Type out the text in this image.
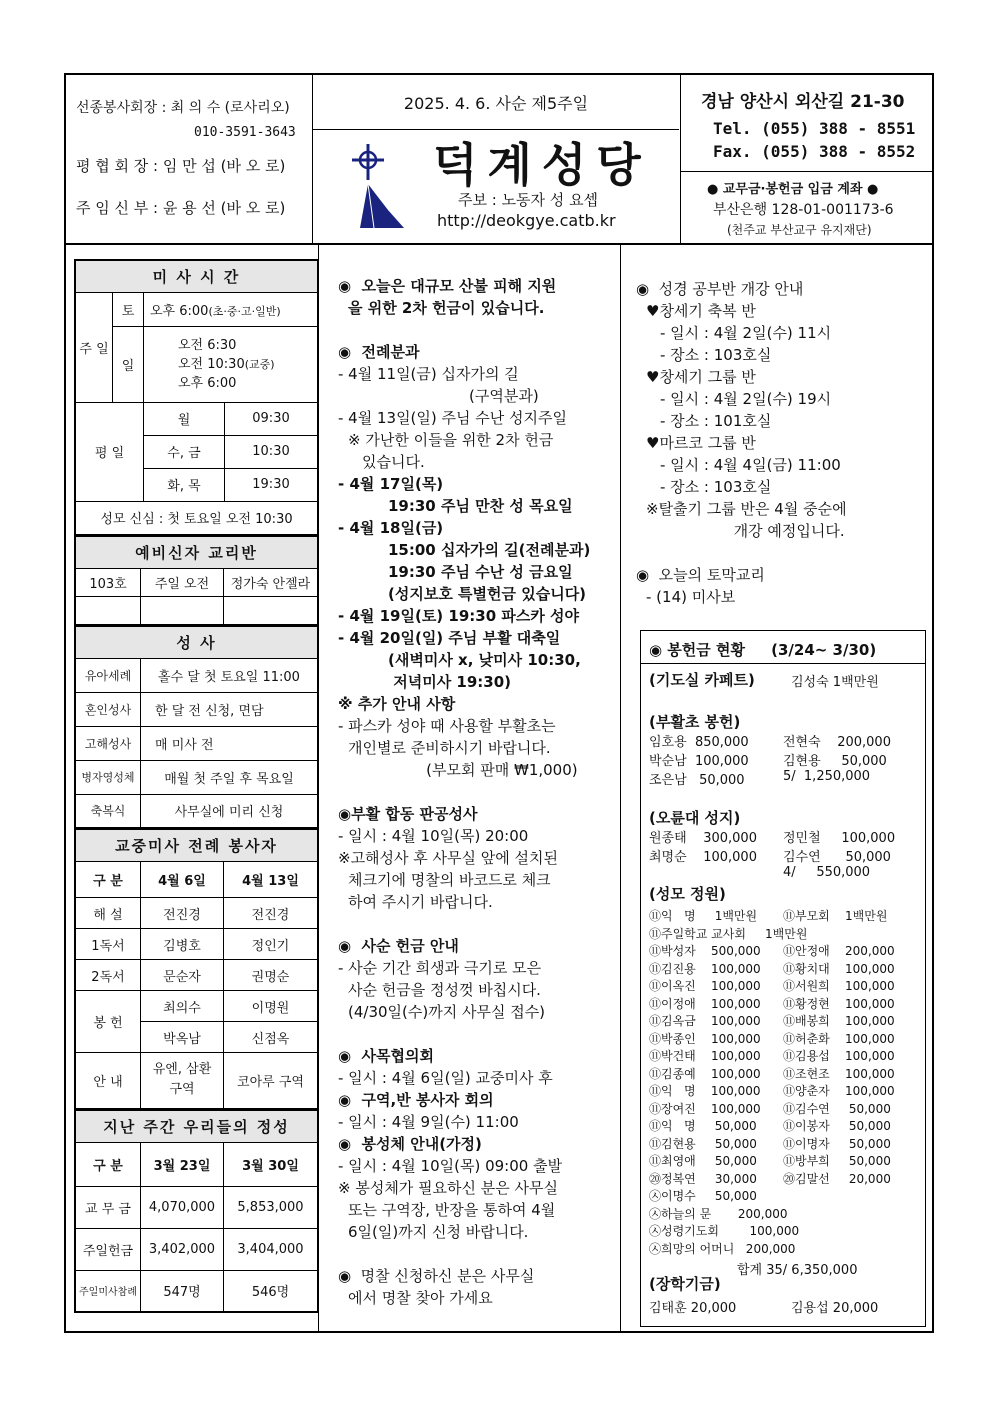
선종봉사회장 : 최 의 수 (로사리오)
010-3591-3643
평 협 회 장 : 임 만 섭 (바 오 로)
주 임 신 부 : 윤 용 선 (바 오 로)
2025. 4. 6. 사순 제5주일
덕계성당
주보 : 노동자 성 요셉
http://deokgye.catb.kr
경남 양산시 외산길 21-30
Tel. (055) 388 - 8551
Fax. (055) 388 - 8552
● 교무금·봉헌금 입금 계좌 ●
부산은행 128-01-001173-6
(천주교 부산교구 유지재단)
미 사 시 간			
주 일	토	오후 6:00(초·중·고·일반)	
	일	오전 6:30
오전 10:30(교중)
오후 6:00	

평 일		월	09:30
		수, 금	10:30
		화, 목	19:30
성모 신심 : 첫 토요일 오전 10:30			
예비신자 교리반		
103호	주일 오전	정가숙 안젤라

성 사	
유아세례	홀수 달 첫 토요일 11:00
혼인성사	한 달 전 신청, 면담
고해성사	매 미사 전
병자영성체	매월 첫 주일 후 목요일
축복식	사무실에 미리 신청
교중미사 전례 봉사자		
구 분	4월 6일	4월 13일
해 설	전진경	전진경
1독서	김병호	정인기
2독서	문순자	권명순
봉 헌	최의수	이명원
	박옥남	신점옥
안 내	유엔, 삼환 구역	코아루 구역
지난 주간 우리들의 정성		
구 분	3월 23일	3월 30일
교 무 금	4,070,000	5,853,000
주일헌금	3,402,000	3,404,000
주일미사참례	547명	546명
◉  오늘은 대규모 산불 피해 지원
을 위한 2차 헌금이 있습니다.
◉  전례분과
- 4월 11일(금) 십자가의 길
(구역분과)
- 4월 13일(일) 주님 수난 성지주일
※ 가난한 이들을 위한 2차 헌금
있습니다.
- 4월 17일(목)
19:30 주님 만찬 성 목요일
- 4월 18일(금)
15:00 십자가의 길(전례분과)
19:30 주님 수난 성 금요일
(성지보호 특별헌금 있습니다)
- 4월 19일(토) 19:30 파스카 성야
- 4월 20일(일) 주님 부활 대축일
(새벽미사 x, 낮미사 10:30,
저녁미사 19:30)
※ 추가 안내 사항
- 파스카 성야 때 사용할 부활초는
개인별로 준비하시기 바랍니다.
(부모회 판매 ₩1,000)
◉부활 합동 판공성사
- 일시 : 4월 10일(목) 20:00
※고해성사 후 사무실 앞에 설치된
체크기에 명찰의 바코드로 체크
하여 주시기 바랍니다.
◉  사순 헌금 안내
- 사순 기간 희생과 극기로 모은
사순 헌금을 정성껏 바칩시다.
(4/30일(수)까지 사무실 접수)
◉  사목협의회
- 일시 : 4월 6일(일) 교중미사 후
◉  구역,반 봉사자 회의
- 일시 : 4월 9일(수) 11:00
◉  봉성체 안내(가정)
- 일시 : 4월 10일(목) 09:00 출발
※ 봉성체가 필요하신 분은 사무실
또는 구역장, 반장을 통하여 4월
6일(일)까지 신청 바랍니다.
◉  명찰 신청하신 분은 사무실
에서 명찰 찾아 가세요
◉  성경 공부반 개강 안내
♥창세기 축복 반
- 일시 : 4월 2일(수) 11시
- 장소 : 103호실
♥창세기 그룹 반
- 일시 : 4월 2일(수) 19시
- 장소 : 101호실
♥마르코 그룹 반
- 일시 : 4월 4일(금) 11:00
- 장소 : 103호실
※탈출기 그룹 반은 4월 중순에
개강 예정입니다.
◉  오늘의 토막교리
- (14) 미사보
◉ 봉헌금 현황 (3/24~ 3/30)
(기도실 카페트)	김성숙 1백만원
(부활초 봉헌)
임호용  850,000	전현숙    200,000
박순남  100,000	김현용     50,000
조은남   50,000	5/  1,250,000
(오륜대 성지)
원종태    300,000 정민철     100,000
최명순    100,000 김수연      50,000
4/     550,000
(성모 정원)
⑪익   명     1백만원 ⑪부모회    1백만원
⑪주일학교 교사회     1백만원
⑪박성자    500,000 ⑪안정애    200,000
⑪김진용    100,000 ⑪황치대    100,000
⑪이옥진    100,000 ⑪서원희    100,000
⑪이정애    100,000 ⑪황정현    100,000
⑪김옥금    100,000 ⑪배봉희    100,000
⑪박종인    100,000 ⑪허춘화    100,000
⑪박건태    100,000 ⑪김용섭    100,000
⑪김종예    100,000 ⑪조현조    100,000
⑪익   명    100,000 ⑪양춘자    100,000
⑪장여진    100,000 ⑪김수연     50,000
⑪익   명     50,000 ⑪이봉자     50,000
⑪김현용     50,000 ⑪이명자     50,000
⑪최영애     50,000 ⑪방부희     50,000
⑳정복연     30,000 ⑳김말선     20,000
㉦이명수     50,000
㉦하늘의 문       200,000
㉦성령기도회        100,000
㉦희망의 어머니   200,000
합계 35/ 6,350,000
(장학기금)
김태훈 20,000	김용섭 20,000
